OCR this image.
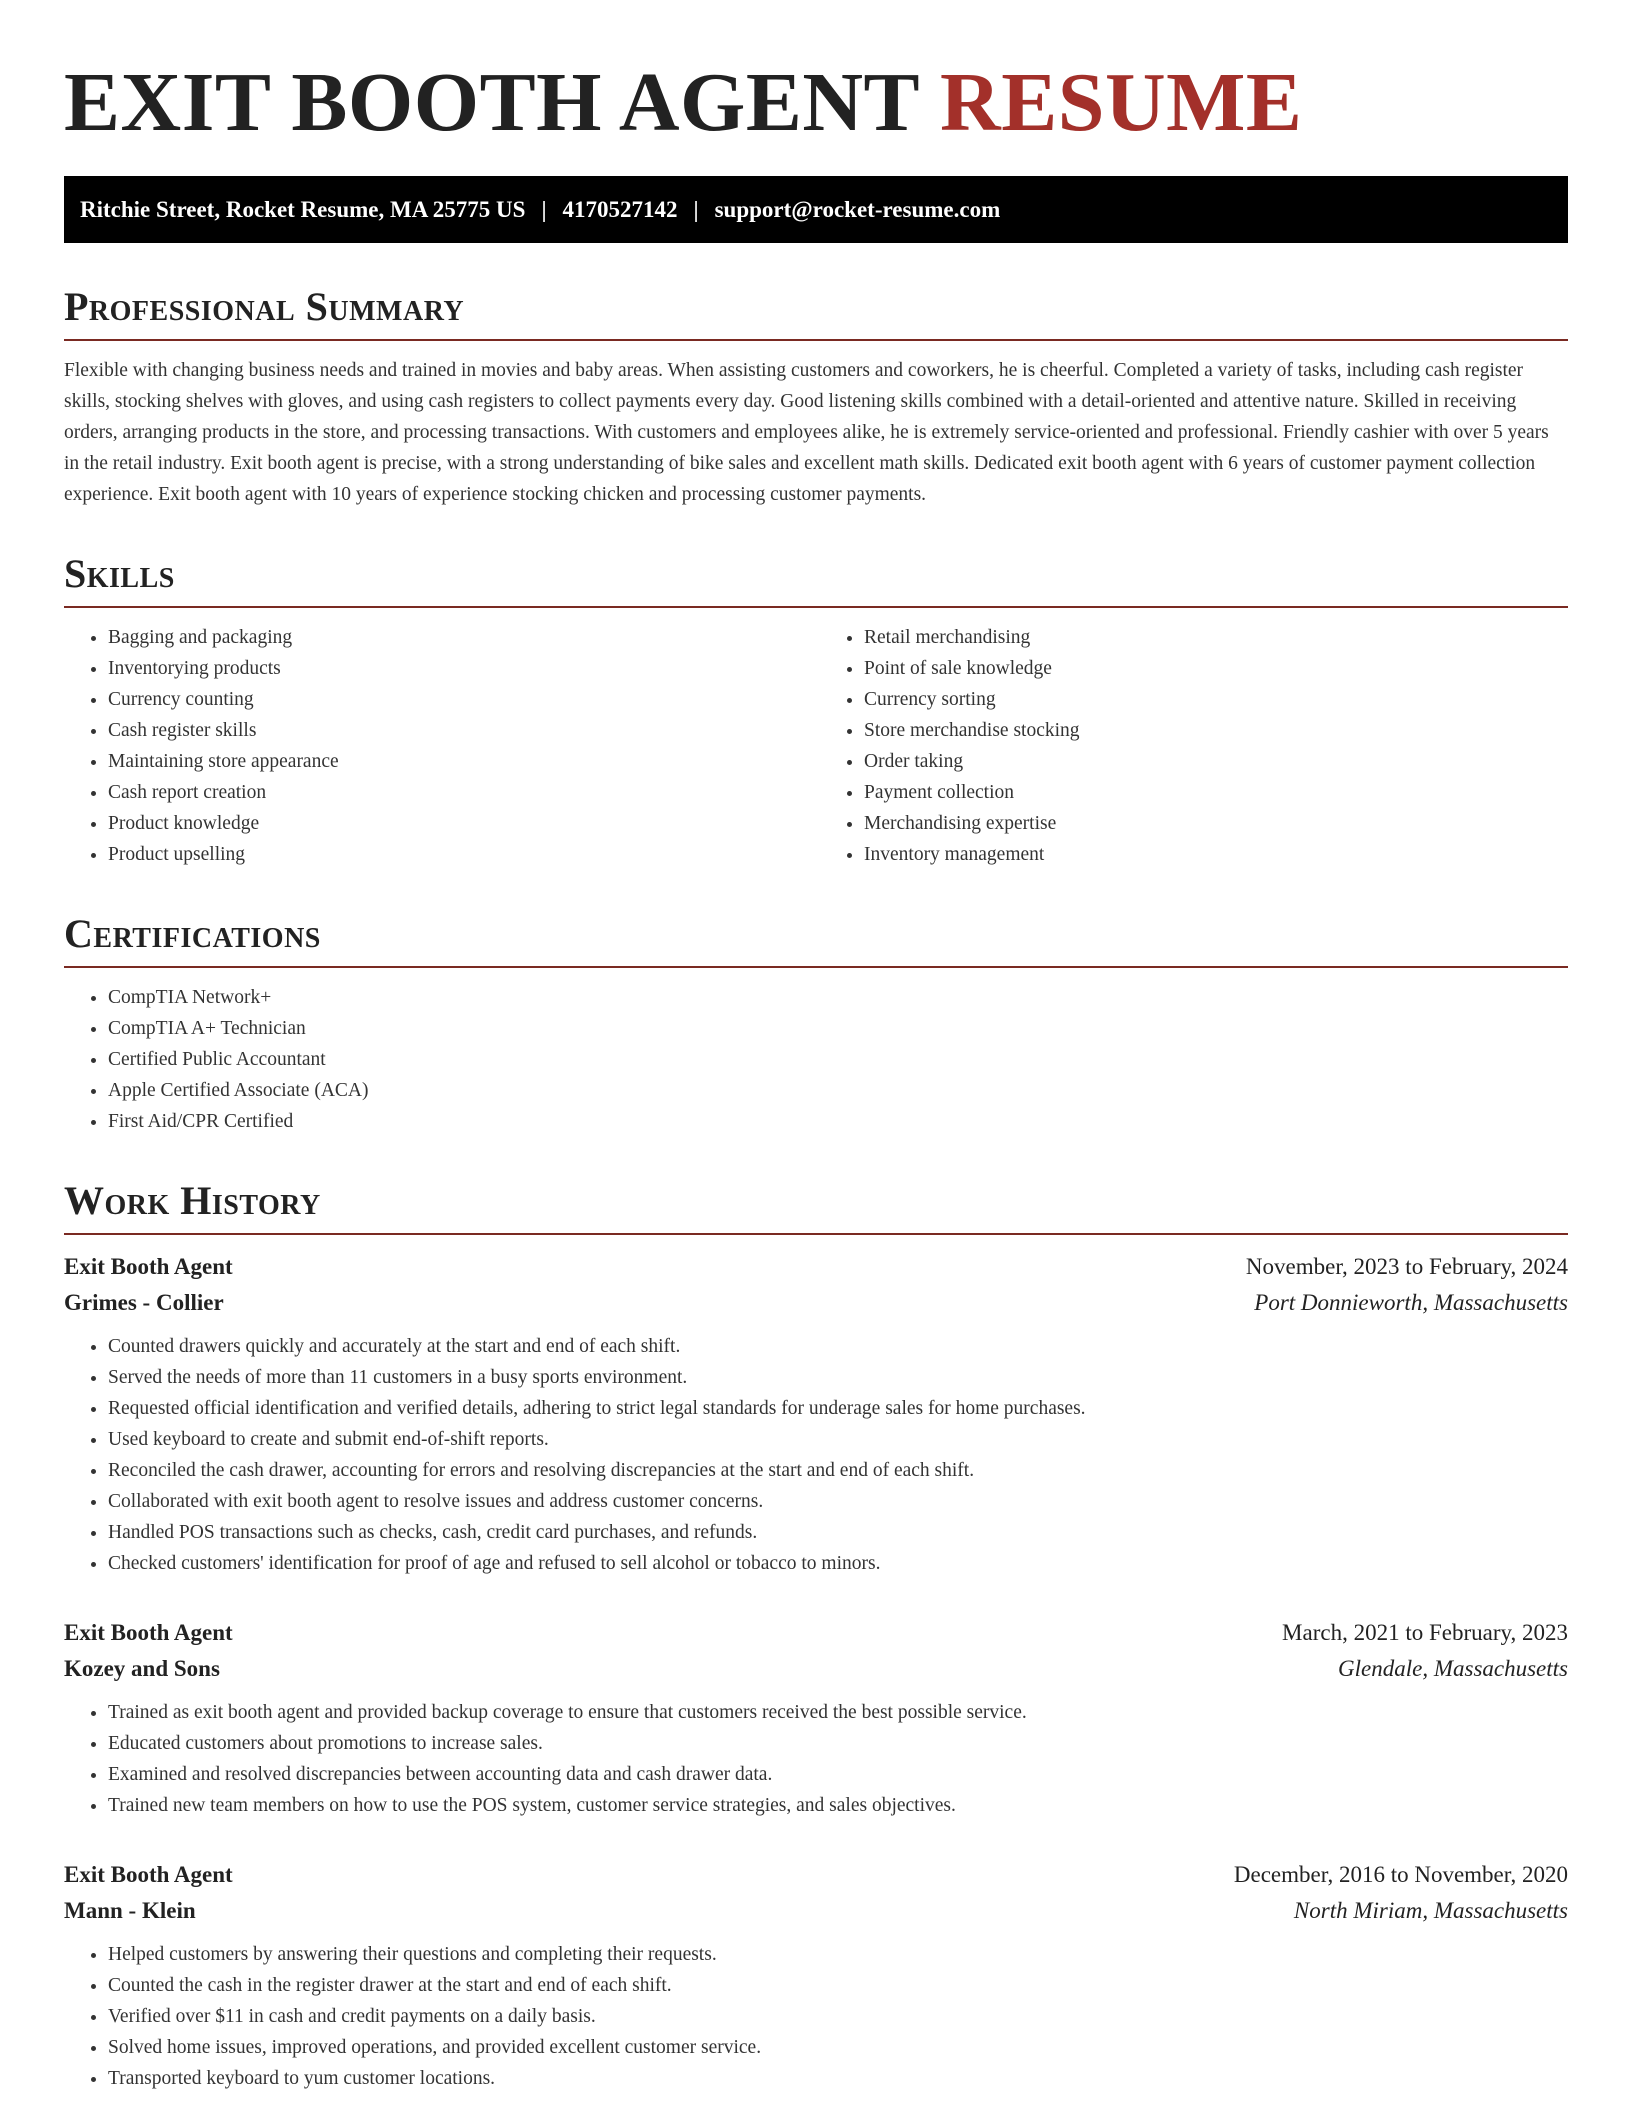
EXIT BOOTH AGENT RESUME
Ritchie Street, Rocket Resume, MA 25775 US | 4170527142 | support@rocket-resume.com
Professional Summary

Flexible with changing business needs and trained in movies and baby areas. When assisting customers and coworkers, he is cheerful. Completed a variety of tasks, including cash register skills, stocking shelves with gloves, and using cash registers to collect payments every day. Good listening skills combined with a detail-oriented and attentive nature. Skilled in receiving orders, arranging products in the store, and processing transactions. With customers and employees alike, he is extremely service-oriented and professional. Friendly cashier with over 5 years in the retail industry. Exit booth agent is precise, with a strong understanding of bike sales and excellent math skills. Dedicated exit booth agent with 6 years of customer payment collection experience. Exit booth agent with 10 years of experience stocking chicken and processing customer payments.

Skills
• Bagging and packaging
• Inventorying products
• Currency counting
• Cash register skills
• Maintaining store appearance
• Cash report creation
• Product knowledge
• Product upselling
• Retail merchandising
• Point of sale knowledge
• Currency sorting
• Store merchandise stocking
• Order taking
• Payment collection
• Merchandising expertise
• Inventory management
Certifications
• CompTIA Network+
• CompTIA A+ Technician
• Certified Public Accountant
• Apple Certified Associate (ACA)
• First Aid/CPR Certified
Work History
Exit Booth Agent	November, 2023 to February, 2024
Grimes - Collier	Port Donnieworth, Massachusetts
• Counted drawers quickly and accurately at the start and end of each shift.
• Served the needs of more than 11 customers in a busy sports environment.
• Requested official identification and verified details, adhering to strict legal standards for underage sales for home purchases.
• Used keyboard to create and submit end-of-shift reports.
• Reconciled the cash drawer, accounting for errors and resolving discrepancies at the start and end of each shift.
• Collaborated with exit booth agent to resolve issues and address customer concerns.
• Handled POS transactions such as checks, cash, credit card purchases, and refunds.
• Checked customers' identification for proof of age and refused to sell alcohol or tobacco to minors.
Exit Booth Agent	March, 2021 to February, 2023
Kozey and Sons	Glendale, Massachusetts
• Trained as exit booth agent and provided backup coverage to ensure that customers received the best possible service.
• Educated customers about promotions to increase sales.
• Examined and resolved discrepancies between accounting data and cash drawer data.
• Trained new team members on how to use the POS system, customer service strategies, and sales objectives.
Exit Booth Agent	December, 2016 to November, 2020
Mann - Klein	North Miriam, Massachusetts
• Helped customers by answering their questions and completing their requests.
• Counted the cash in the register drawer at the start and end of each shift.
• Verified over $11 in cash and credit payments on a daily basis.
• Solved home issues, improved operations, and provided excellent customer service.
• Transported keyboard to yum customer locations.
